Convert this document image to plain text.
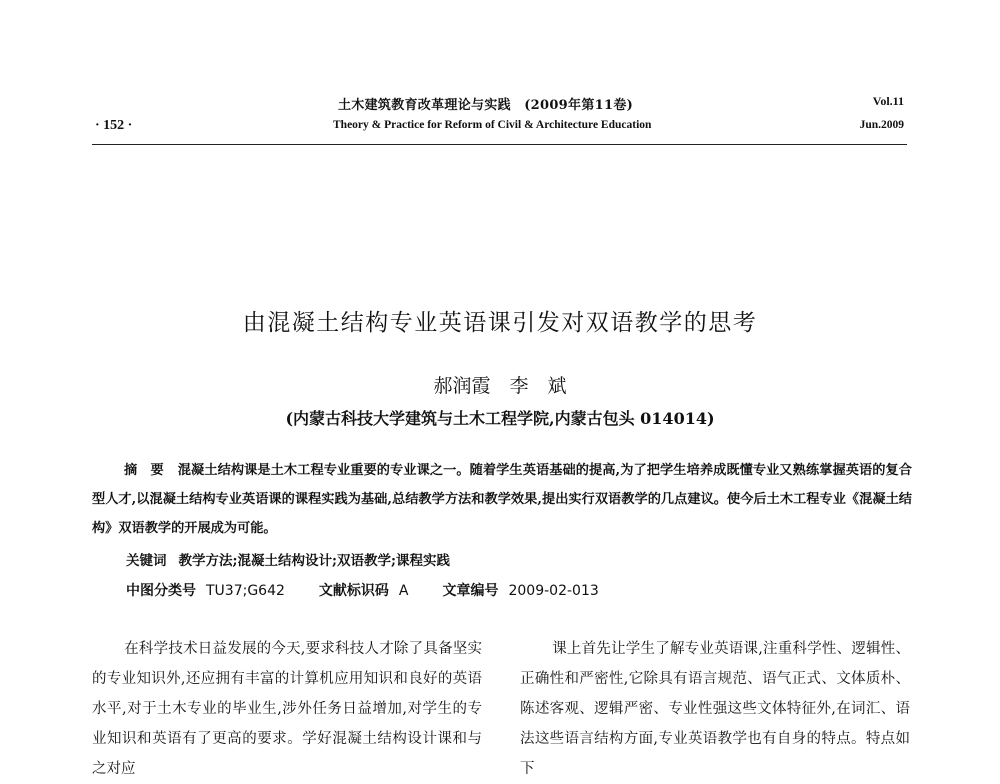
土木建筑教育改革理论与实践　(2009年第11卷)
Theory & Practice for Reform of Civil & Architecture Education
Vol.11
Jun.2009
· 152 ·
由混凝土结构专业英语课引发对双语教学的思考
郝润霞　李　斌
(内蒙古科技大学建筑与土木工程学院,内蒙古包头 014014)
摘　要 混凝土结构课是土木工程专业重要的专业课之一。随着学生英语基础的提高,为了把学生培养成既懂专业又熟练掌握英语的复合型人才,以混凝土结构专业英语课的课程实践为基础,总结教学方法和教学效果,提出实行双语教学的几点建议。使今后土木工程专业《混凝土结构》双语教学的开展成为可能。
关键词 教学方法;混凝土结构设计;双语教学;课程实践
中图分类号 TU37;G642 文献标识码 A 文章编号 2009-02-013
在科学技术日益发展的今天,要求科技人才除了具备坚实的专业知识外,还应拥有丰富的计算机应用知识和良好的英语水平,对于土木专业的毕业生,涉外任务日益增加,对学生的专业知识和英语有了更高的要求。学好混凝土结构设计课和与之对应
课上首先让学生了解专业英语课,注重科学性、逻辑性、正确性和严密性,它除具有语言规范、语气正式、文体质朴、陈述客观、逻辑严密、专业性强这些文体特征外,在词汇、语法这些语言结构方面,专业英语教学也有自身的特点。特点如下
